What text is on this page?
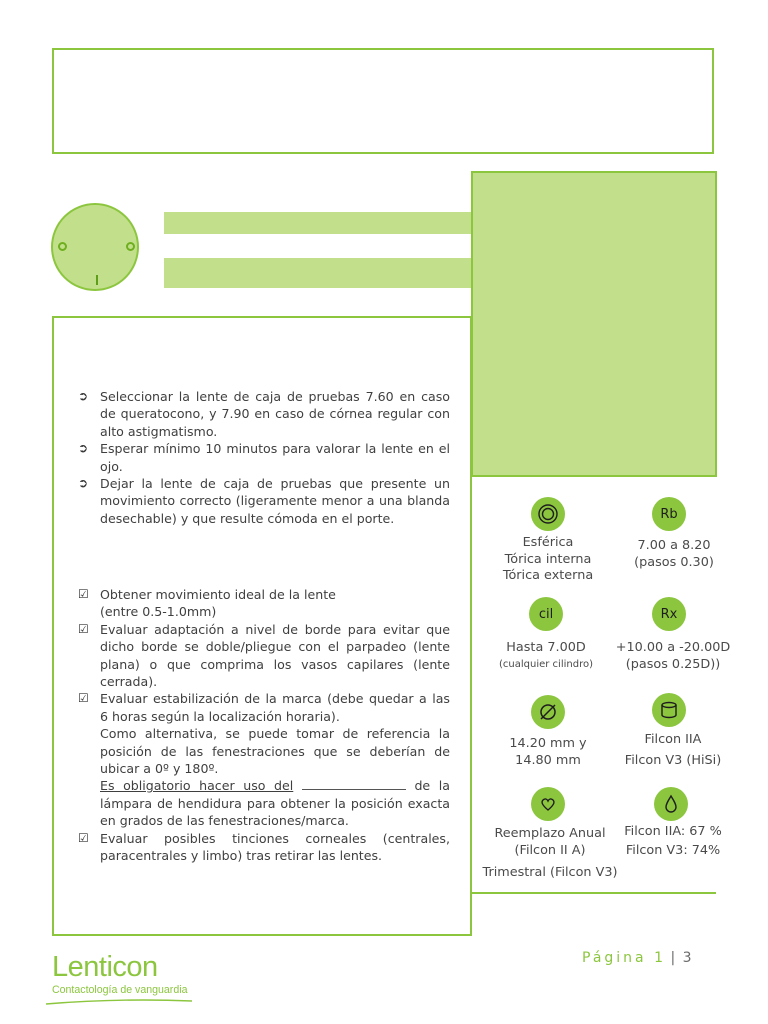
➲ Seleccionar la lente de caja de pruebas 7.60 en caso de queratocono, y 7.90 en caso de córnea regular con alto astigmatismo.
➲ Esperar mínimo 10 minutos para valorar la lente en el ojo.
➲ Dejar la lente de caja de pruebas que presente un movimiento correcto (ligeramente menor a una blanda desechable) y que resulte cómoda en el porte.
☑ Obtener movimiento ideal de la lente
(entre 0.5-1.0mm)
☑ Evaluar adaptación a nivel de borde para evitar que dicho borde se doble/pliegue con el parpadeo (lente plana) o que comprima los vasos capilares (lente cerrada).
☑ Evaluar estabilización de la marca (debe quedar a las 6 horas según la localización horaria).
Como alternativa, se puede tomar de referencia la posición de las fenestraciones que se deberían de ubicar a 0º y 180º.
Es obligatorio hacer uso del	de la lámpara de hendidura para obtener la posición exacta en grados de las fenestraciones/marca.
☑ Evaluar posibles tinciones corneales (centrales, paracentrales y limbo) tras retirar las lentes.
Esférica
Tórica interna
Tórica externa
Rb
7.00 a 8.20
(pasos 0.30)
cil
Hasta 7.00D
(cualquier cilindro)
Rx
+10.00 a -20.00D
(pasos 0.25D))
14.20 mm y
14.80 mm
Filcon IIA
Filcon V3 (HiSi)
Reemplazo Anual
(Filcon II A)
Trimestral (Filcon V3)
Filcon IIA: 67 %
Filcon V3: 74%
Lenticon
Contactología de vanguardia
Página 1 | 3
